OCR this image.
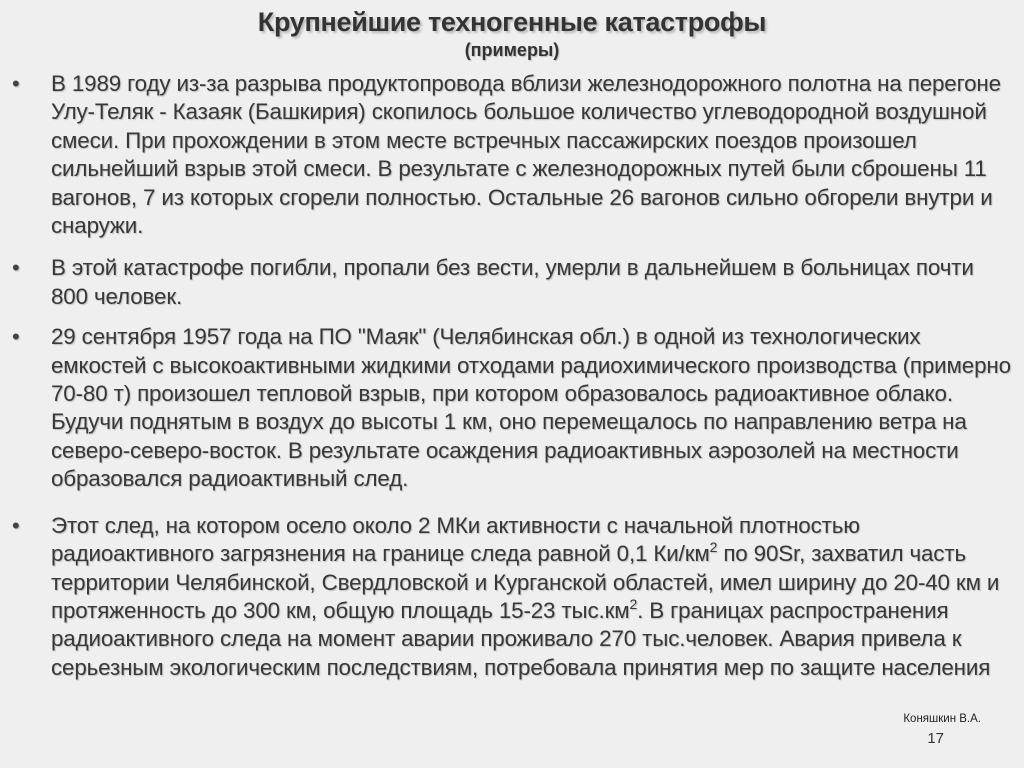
Крупнейшие техногенные катастрофы
(примеры)
• В 1989 году из-за разрыва продуктопровода вблизи железнодорожного полотна на перегоне Улу-Теляк - Казаяк (Башкирия) скопилось большое количество углеводородной воздушной смеси. При прохождении в этом месте встречных пассажирских поездов произошел сильнейший взрыв этой смеси. В результате с железнодорожных путей были сброшены 11 вагонов, 7 из которых сгорели полностью. Остальные 26 вагонов сильно обгорели внутри и снаружи.
• В этой катастрофе погибли, пропали без вести, умерли в дальнейшем в больницах почти 800 человек.
• 29 сентября 1957 года на ПО "Маяк" (Челябинская обл.) в одной из технологических емкостей с высокоактивными жидкими отходами радиохимического производства (примерно 70-80 т) произошел тепловой взрыв, при котором образовалось радиоактивное облако. Будучи поднятым в воздух до высоты 1 км, оно перемещалось по направлению ветра на северо-северо-восток. В результате осаждения радиоактивных аэрозолей на местности образовался радиоактивный след.
• Этот след, на котором осело около 2 МКи активности с начальной плотностью радиоактивного загрязнения на границе следа равной 0,1 $Ки/км^2$ по 90Sr, захватил часть территории Челябинской, Свердловской и Курганской областей, имел ширину до 20-40 км и протяженность до 300 км, общую площадь 15-23 $тыс.км^2$. В границах распространения радиоактивного следа на момент аварии проживало 270 тыс.человек. Авария привела к серьезным экологическим последствиям, потребовала принятия мер по защите населения
Коняшкин В.А.
17
